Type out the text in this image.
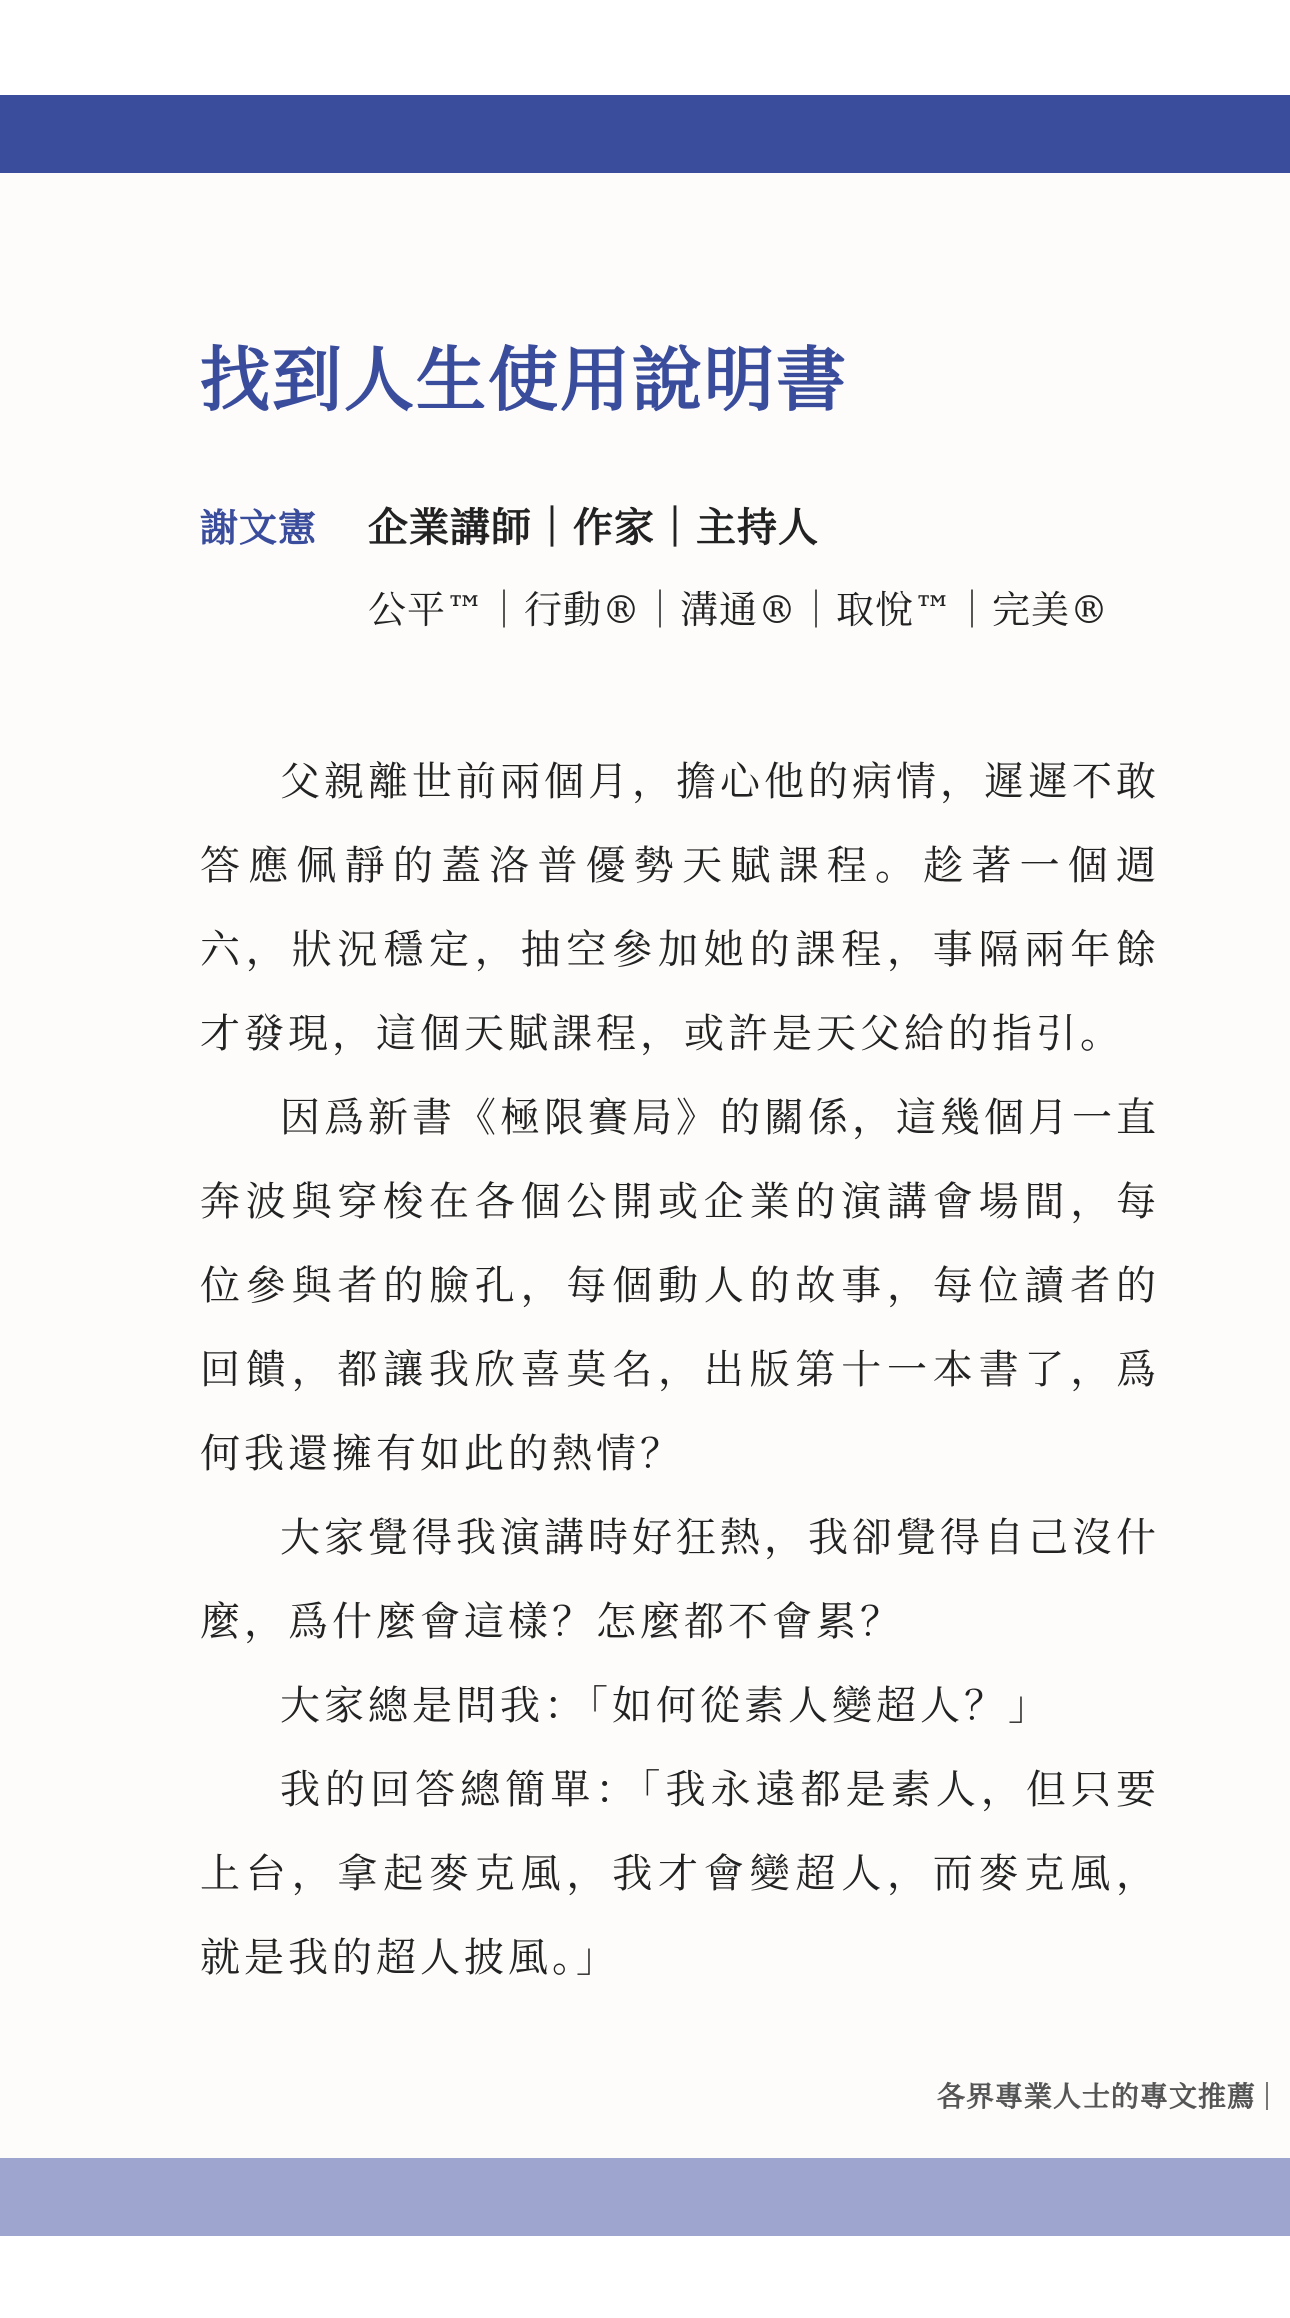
找到人生使用說明書
謝文憲 企業講師｜作家｜主持人
公平™｜行動®｜溝通®｜取悅™｜完美®

父親離世前兩個月，擔心他的病情，遲遲不敢答應佩靜的蓋洛普優勢天賦課程。趁著一個週六，狀況穩定，抽空參加她的課程，事隔兩年餘才發現，這個天賦課程，或許是天父給的指引。

因爲新書《極限賽局》的關係，這幾個月一直奔波與穿梭在各個公開或企業的演講會場間，每位參與者的臉孔，每個動人的故事，每位讀者的回饋，都讓我欣喜莫名，出版第十一本書了，爲何我還擁有如此的熱情？

大家覺得我演講時好狂熱，我卻覺得自己沒什麼，爲什麼會這樣？怎麼都不會累？

大家總是問我：「如何從素人變超人？」

我的回答總簡單：「我永遠都是素人，但只要上台，拿起麥克風，我才會變超人，而麥克風，就是我的超人披風。」

各界專業人士的專文推薦
